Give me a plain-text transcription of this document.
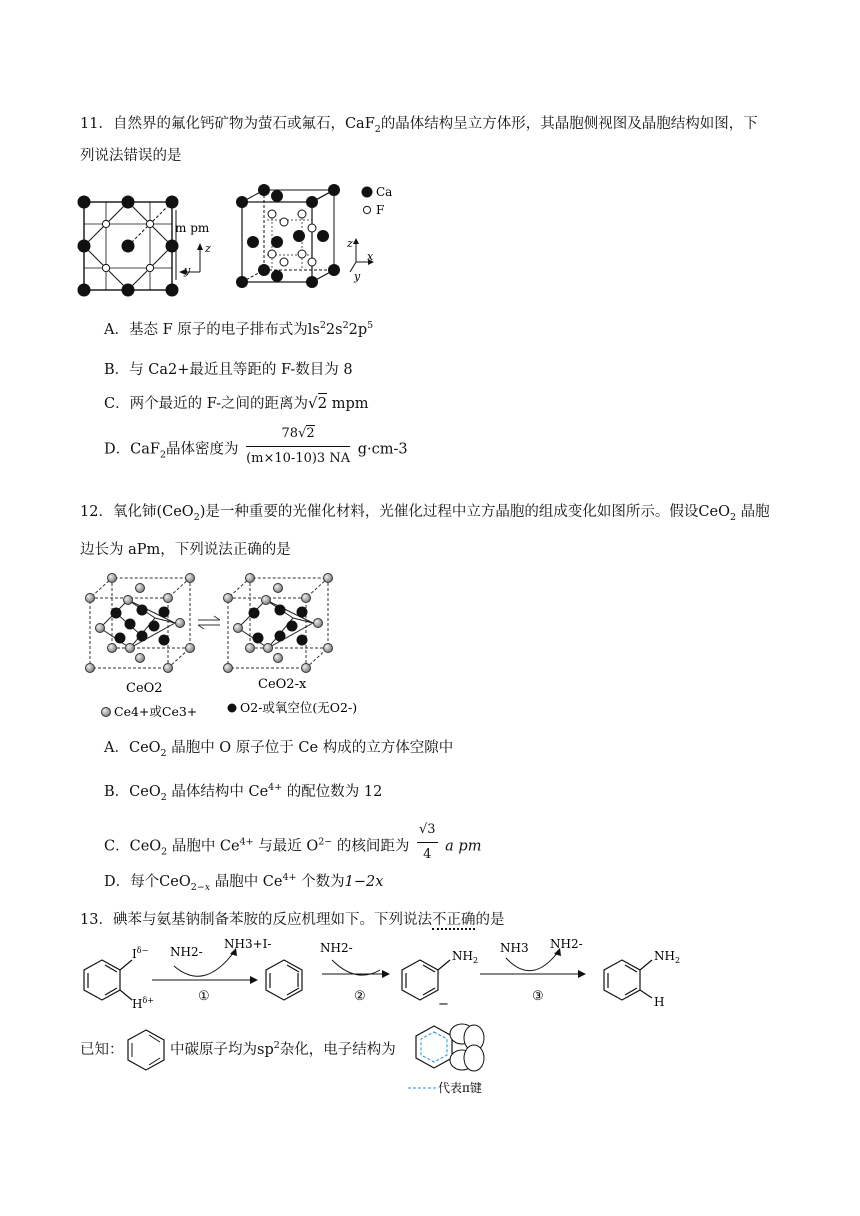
11．自然界的氟化钙矿物为萤石或氟石，CaF$_2$的晶体结构呈立方体形，其晶胞侧视图及晶胞结构如图，下
列说法错误的是
m pm
z
y
z
x
y
Ca
F
A．基态 F 原子的电子排布式为$ls^22s^22p^5$
B．与 Ca2+最近且等距的 F-数目为 8
C．两个最近的 F-之间的距离为√2 mpm
D．CaF$_2$晶体密度为 $\frac{78√2}{(m\times 10-10)3 NA} g\cdot cm-3$
12．氧化铈(CeO$_2$)是一种重要的光催化材料，光催化过程中立方晶胞的组成变化如图所示。假设CeO$_2$ 晶胞
边长为 aPm，下列说法正确的是
CeO2	CeO2-x
Ce4+或Ce3+	O2-或氧空位(无O2-)
A．CeO$_2$ 晶胞中 O 原子位于 Ce 构成的立方体空隙中
B．CeO$_2$ 晶体结构中 $Ce^{4+}$ 的配位数为 12
C．CeO$_2$ 晶胞中 $Ce^{4+}$ 与最近 $O^{2-}$ 的核间距为 $\frac{√3}{4}$ a pm
D．每个CeO$_{2-x}$ 晶胞中 $Ce^{4+}$ 个数为1−2x
13．碘苯与氨基钠制备苯胺的反应机理如下。下列说法不正确的是
$I^{\delta-}$
$H^{\delta+}$
NH2-
NH3+I-
①
NH2-
②
$NH_2$
−
NH3 NH2-
③
$NH_2$
H
已知：	中碳原子均为$sp^2$杂化，电子结构为
代表π键
